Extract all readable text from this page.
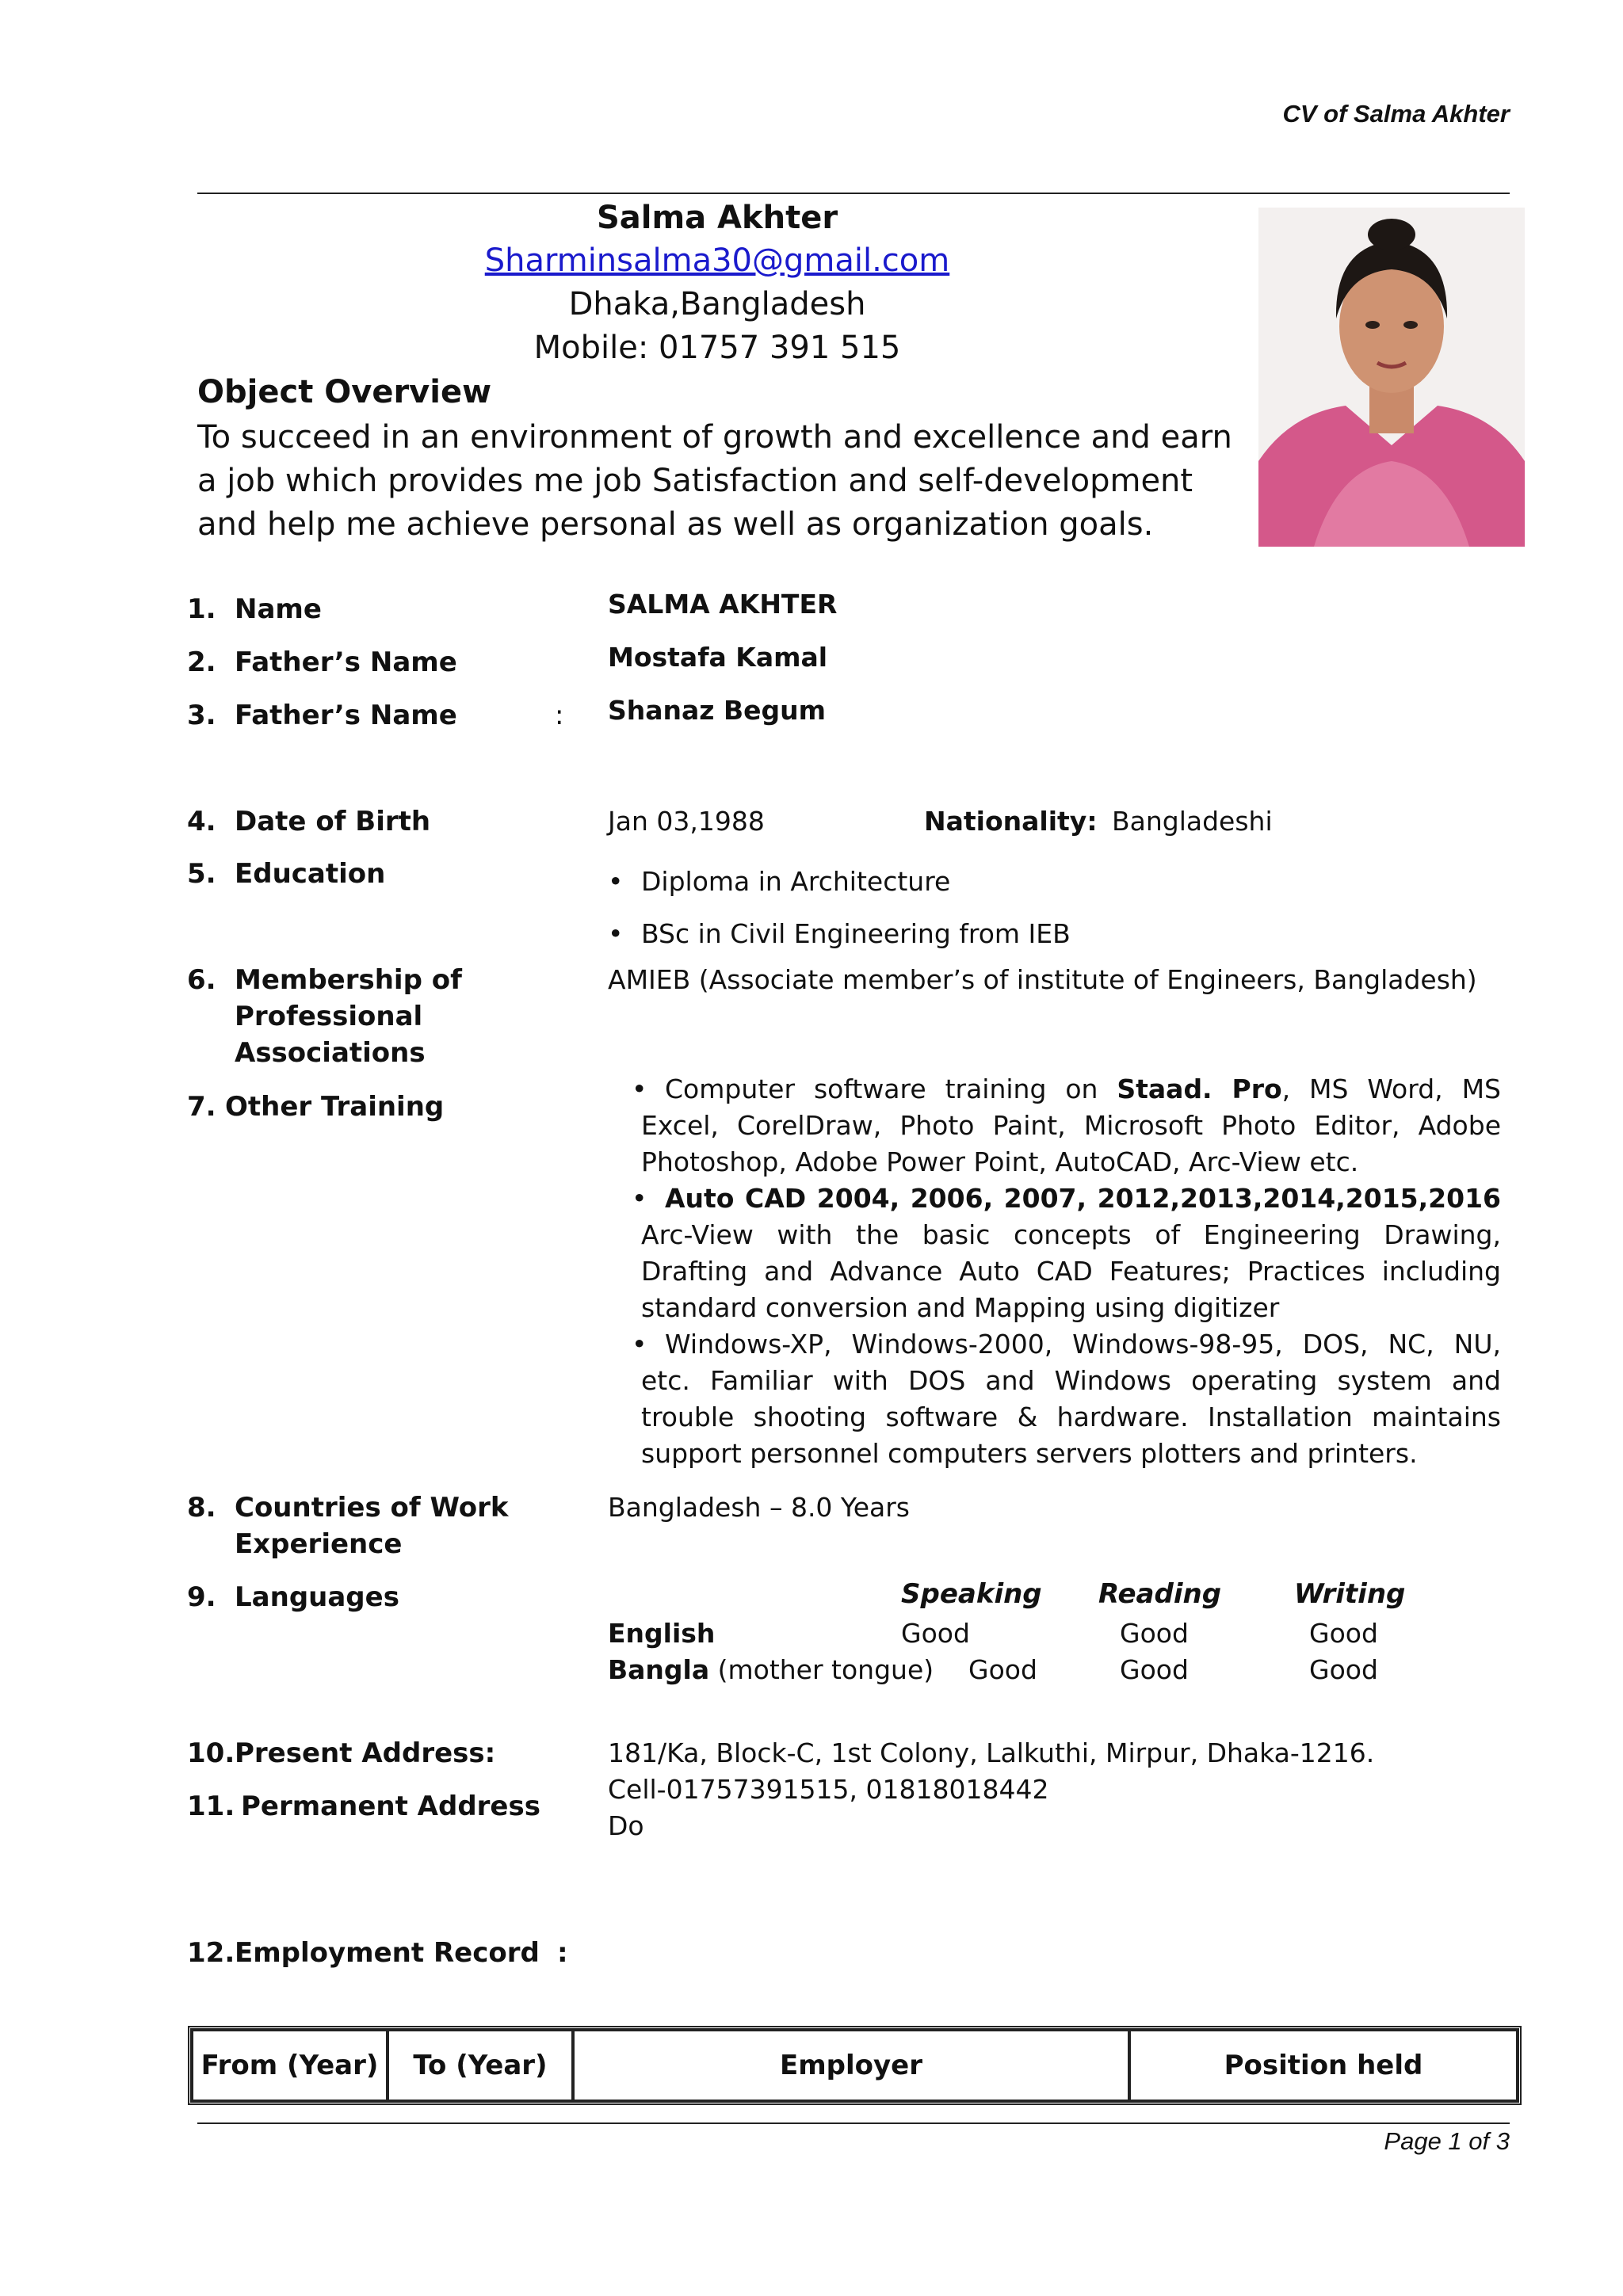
CV of Salma Akhter
Salma Akhter
Sharminsalma30@gmail.com
Dhaka,Bangladesh
Mobile: 01757 391 515
Object Overview
To succeed in an environment of growth and excellence and earn a job which provides me job Satisfaction and self-development and help me achieve personal as well as organization goals.
1. Name	SALMA AKHTER
2. Father’s Name	Mostafa Kamal
3. Father’s Name	: Shanaz Begum
4. Date of Birth	Jan 03,1988	Nationality: Bangladeshi
5. Education
•	Diploma in Architecture
• BSc in Civil Engineering from IEB
6. Membership of
Professional
Associations
AMIEB (Associate member’s of institute of Engineers, Bangladesh)
7. Other Training
• Computer software training on Staad. Pro, MS Word, MS Excel, CorelDraw, Photo Paint, Microsoft Photo Editor, Adobe Photoshop, Adobe Power Point, AutoCAD, Arc-View etc.
• Auto CAD 2004, 2006, 2007, 2012,2013,2014,2015,2016 Arc-View with the basic concepts of Engineering Drawing, Drafting and Advance Auto CAD Features; Practices including standard conversion and Mapping using digitizer
• Windows-XP, Windows-2000, Windows-98-95, DOS, NC, NU, etc. Familiar with DOS and Windows operating system and trouble shooting software & hardware. Installation maintains support personnel computers servers plotters and printers.
8. Countries of Work
Experience
Bangladesh – 8.0 Years
9. Languages	Speaking Reading	Writing
English	Good	Good	Good
Bangla (mother tongue) Good	Good	Good
10.Present Address:	181/Ka, Block-C, 1st Colony, Lalkuthi, Mirpur, Dhaka-1216.
Cell-01757391515, 01818018442
11. Permanent Address
Do
12.Employment Record :
From (Year)	To (Year)	Employer	Position held
Page 1 of 3
